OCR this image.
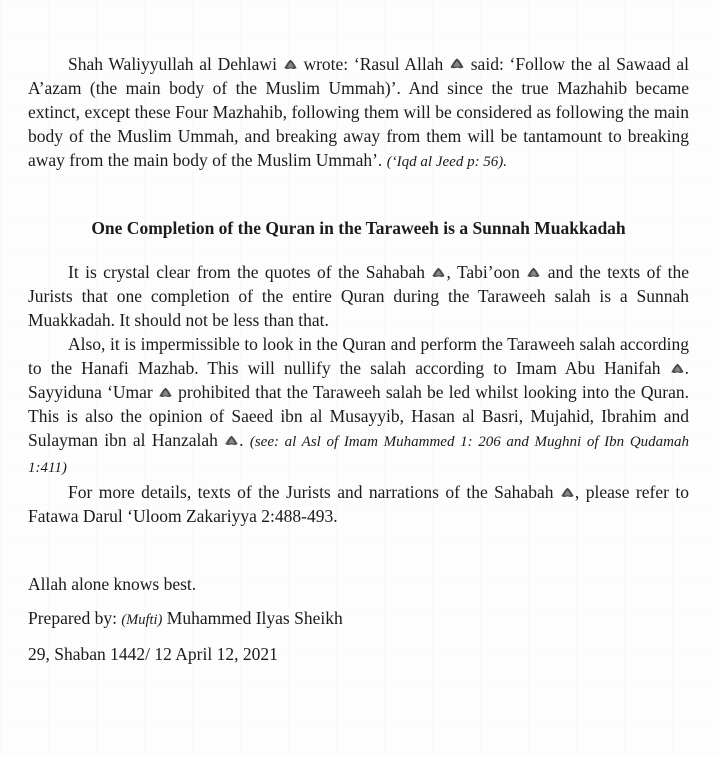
Shah Waliyyullah al Dehlawi wrote: ‘Rasul Allah said: ‘Follow the al Sawaad al A’azam (the main body of the Muslim Ummah)’. And since the true Mazhahib became extinct, except these Four Mazhahib, following them will be considered as following the main body of the Muslim Ummah, and breaking away from them will be tantamount to breaking away from the main body of the Muslim Ummah’. (‘Iqd al Jeed p: 56).

One Completion of the Quran in the Taraweeh is a Sunnah Muakkadah

It is crystal clear from the quotes of the Sahabah , Tabi’oon and the texts of the Jurists that one completion of the entire Quran during the Taraweeh salah is a Sunnah Muakkadah. It should not be less than that.

Also, it is impermissible to look in the Quran and perform the Taraweeh salah according to the Hanafi Mazhab. This will nullify the salah according to Imam Abu Hanifah . Sayyiduna ‘Umar prohibited that the Taraweeh salah be led whilst looking into the Quran. This is also the opinion of Saeed ibn al Musayyib, Hasan al Basri, Mujahid, Ibrahim and Sulayman ibn al Hanzalah . (see: al Asl of Imam Muhammed 1: 206 and Mughni of Ibn Qudamah 1:411)

For more details, texts of the Jurists and narrations of the Sahabah , please refer to Fatawa Darul ‘Uloom Zakariyya 2:488-493.

Allah alone knows best.

Prepared by: (Mufti) Muhammed Ilyas Sheikh

29, Shaban 1442/ 12 April 12, 2021
